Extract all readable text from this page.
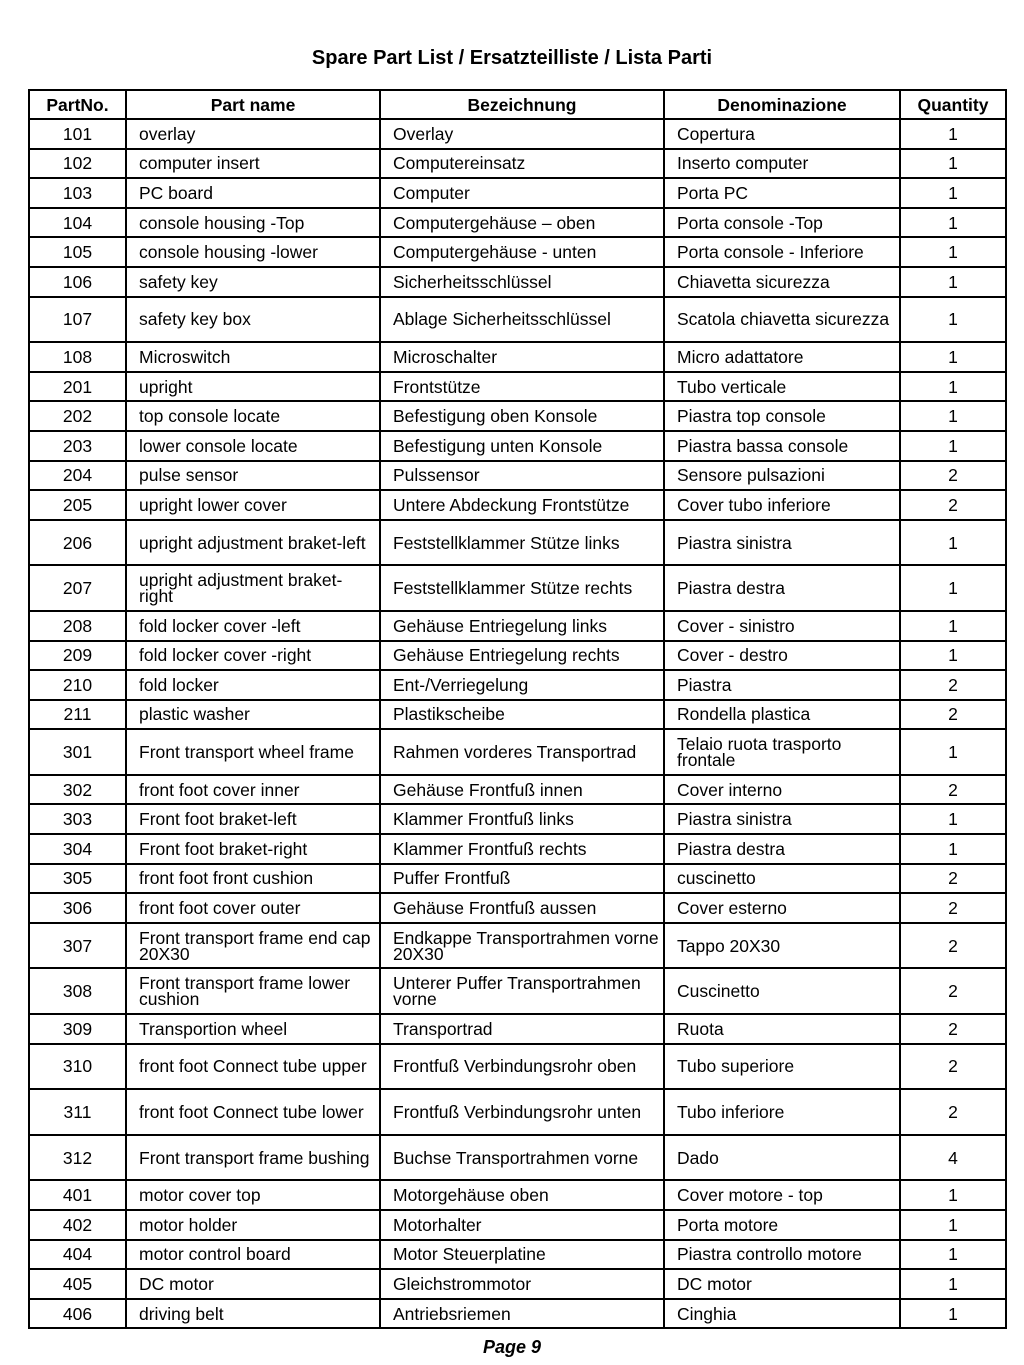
Spare Part List / Ersatzteilliste / Lista Parti
PartNo.	Part name	Bezeichnung	Denominazione	Quantity
101	overlay	Overlay	Copertura	1
102	computer insert	Computereinsatz	Inserto computer	1
103	PC board	Computer	Porta PC	1
104	console housing -Top	Computergehäuse – oben	Porta console -Top	1
105	console housing -lower	Computergehäuse - unten	Porta console - Inferiore	1
106	safety key	Sicherheitsschlüssel	Chiavetta sicurezza	1
107	safety key box	Ablage Sicherheitsschlüssel	Scatola chiavetta sicurezza	1
108	Microswitch	Microschalter	Micro adattatore	1
201	upright	Frontstütze	Tubo verticale	1
202	top console locate	Befestigung oben Konsole	Piastra top console	1
203	lower console locate	Befestigung unten Konsole	Piastra bassa console	1
204	pulse sensor	Pulssensor	Sensore pulsazioni	2
205	upright lower cover	Untere Abdeckung Frontstütze	Cover tubo inferiore	2
206	upright adjustment braket-left	Feststellklammer Stütze links	Piastra sinistra	1
207	upright adjustment braket-right	Feststellklammer Stütze rechts	Piastra destra	1
208	fold locker cover -left	Gehäuse Entriegelung links	Cover - sinistro	1
209	fold locker cover -right	Gehäuse Entriegelung rechts	Cover - destro	1
210	fold locker	Ent-/Verriegelung	Piastra	2
211	plastic washer	Plastikscheibe	Rondella plastica	2
301	Front transport wheel frame	Rahmen vorderes Transportrad	Telaio ruota trasporto frontale	1
302	front foot cover inner	Gehäuse Frontfuß innen	Cover interno	2
303	Front foot braket-left	Klammer Frontfuß links	Piastra sinistra	1
304	Front foot braket-right	Klammer Frontfuß rechts	Piastra destra	1
305	front foot front cushion	Puffer Frontfuß	cuscinetto	2
306	front foot cover outer	Gehäuse Frontfuß aussen	Cover esterno	2
307	Front transport frame end cap 20X30	Endkappe Transportrahmen vorne 20X30	Tappo 20X30	2
308	Front transport frame lower cushion	Unterer Puffer Transportrahmen vorne	Cuscinetto	2
309	Transportion wheel	Transportrad	Ruota	2
310	front foot Connect tube upper	Frontfuß Verbindungsrohr oben	Tubo superiore	2
311	front foot Connect tube lower	Frontfuß Verbindungsrohr unten	Tubo inferiore	2
312	Front transport frame bushing	Buchse Transportrahmen vorne	Dado	4
401	motor cover top	Motorgehäuse oben	Cover motore - top	1
402	motor holder	Motorhalter	Porta motore	1
404	motor control board	Motor Steuerplatine	Piastra controllo motore	1
405	DC motor	Gleichstrommotor	DC motor	1
406	driving belt	Antriebsriemen	Cinghia	1
Page 9
